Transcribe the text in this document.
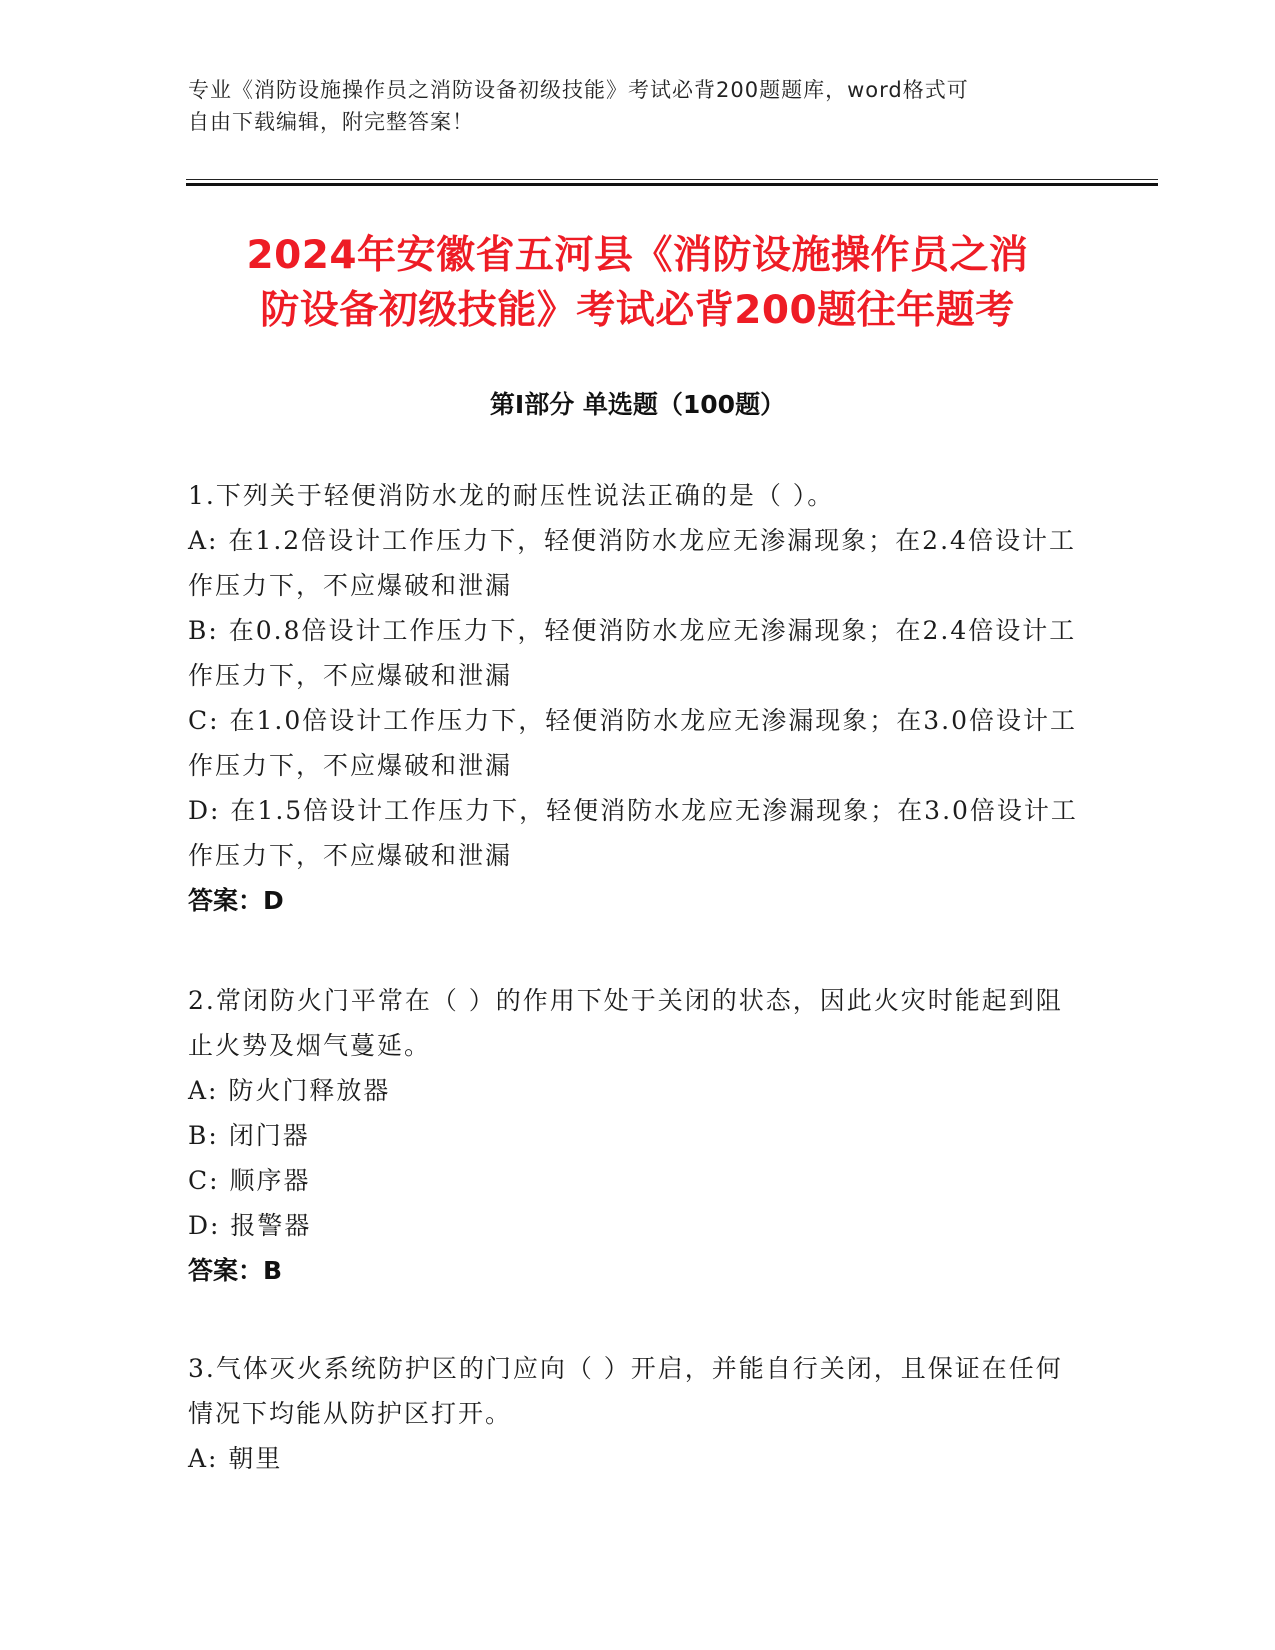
专业《消防设施操作员之消防设备初级技能》考试必背200题题库，word格式可
自由下载编辑，附完整答案！
2024年安徽省五河县《消防设施操作员之消
防设备初级技能》考试必背200题往年题考
第Ⅰ部分 单选题（100题）
1.下列关于轻便消防水龙的耐压性说法正确的是（ ）。
A: 在1.2倍设计工作压力下，轻便消防水龙应无渗漏现象；在2.4倍设计工作压力下，不应爆破和泄漏
B: 在0.8倍设计工作压力下，轻便消防水龙应无渗漏现象；在2.4倍设计工作压力下，不应爆破和泄漏
C: 在1.0倍设计工作压力下，轻便消防水龙应无渗漏现象；在3.0倍设计工作压力下，不应爆破和泄漏
D: 在1.5倍设计工作压力下，轻便消防水龙应无渗漏现象；在3.0倍设计工作压力下，不应爆破和泄漏
答案：D
2.常闭防火门平常在（ ）的作用下处于关闭的状态，因此火灾时能起到阻止火势及烟气蔓延。
A: 防火门释放器
B: 闭门器
C: 顺序器
D: 报警器
答案：B
3.气体灭火系统防护区的门应向（ ）开启，并能自行关闭，且保证在任何情况下均能从防护区打开。
A: 朝里
